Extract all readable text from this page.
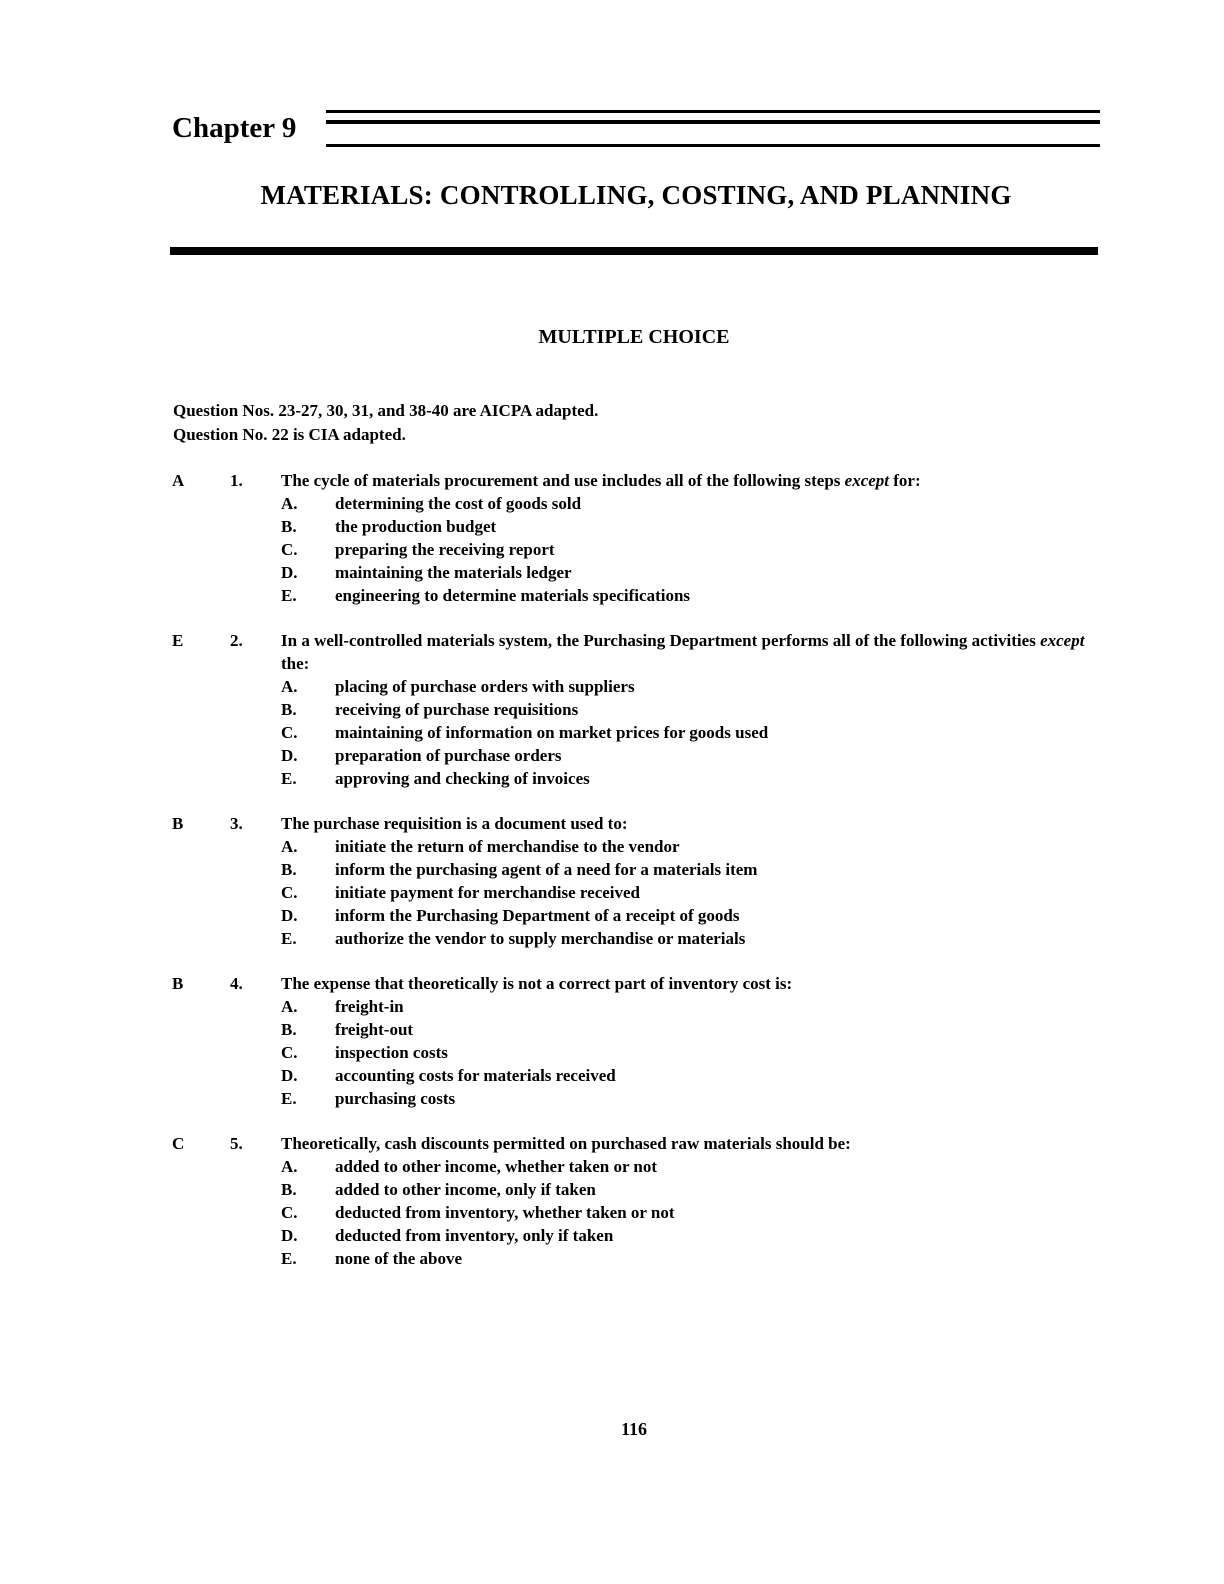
Chapter 9
MATERIALS: CONTROLLING, COSTING, AND PLANNING
MULTIPLE CHOICE
Question Nos. 23-27, 30, 31, and 38-40 are AICPA adapted.
Question No. 22 is CIA adapted.
A	1. The cycle of materials procurement and use includes all of the following steps except for:
A. determining the cost of goods sold
B. the production budget
C. preparing the receiving report
D. maintaining the materials ledger
E. engineering to determine materials specifications
E	2. In a well-controlled materials system, the Purchasing Department performs all of the following activities except the:
A. placing of purchase orders with suppliers
B. receiving of purchase requisitions
C. maintaining of information on market prices for goods used
D. preparation of purchase orders
E. approving and checking of invoices
B	3. The purchase requisition is a document used to:
A. initiate the return of merchandise to the vendor
B. inform the purchasing agent of a need for a materials item
C. initiate payment for merchandise received
D. inform the Purchasing Department of a receipt of goods
E. authorize the vendor to supply merchandise or materials
B	4. The expense that theoretically is not a correct part of inventory cost is:
A. freight-in
B. freight-out
C. inspection costs
D. accounting costs for materials received
E. purchasing costs
C	5. Theoretically, cash discounts permitted on purchased raw materials should be:
A. added to other income, whether taken or not
B. added to other income, only if taken
C. deducted from inventory, whether taken or not
D. deducted from inventory, only if taken
E. none of the above
116
